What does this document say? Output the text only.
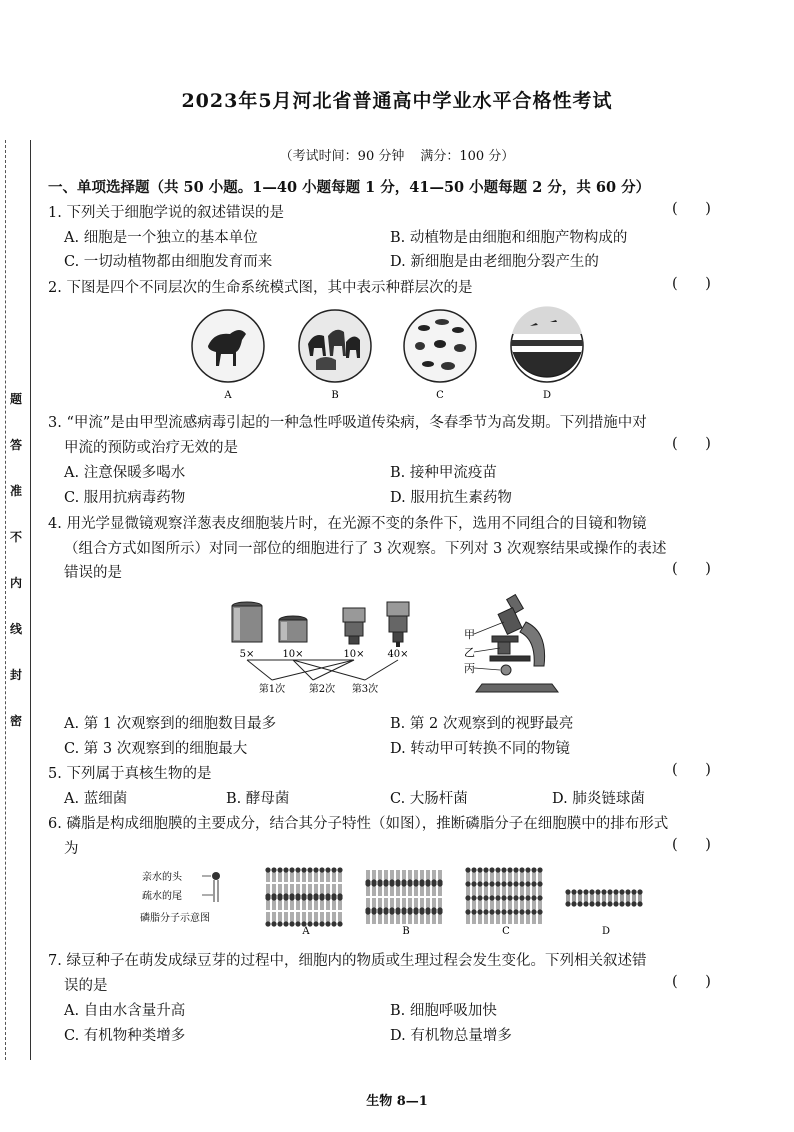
题
答
准
不
内
线
封
密
2023年5月河北省普通高中学业水平合格性考试
（考试时间：90 分钟 满分：100 分）
一、单项选择题（共 50 小题。1—40 小题每题 1 分，41—50 小题每题 2 分，共 60 分）
1. 下列关于细胞学说的叙述错误的是	(      )
A. 细胞是一个独立的基本单位	B. 动植物是由细胞和细胞产物构成的
C. 一切动植物都由细胞发育而来	D. 新细胞是由老细胞分裂产生的
2. 下图是四个不同层次的生命系统模式图，其中表示种群层次的是	(      )
A	B	C	D
3. “甲流”是由甲型流感病毒引起的一种急性呼吸道传染病，冬春季节为高发期。下列措施中对
甲流的预防或治疗无效的是	(      )
A. 注意保暖多喝水	B. 接种甲流疫苗
C. 服用抗病毒药物	D. 服用抗生素药物
4. 用光学显微镜观察洋葱表皮细胞装片时，在光源不变的条件下，选用不同组合的目镜和物镜
（组合方式如图所示）对同一部位的细胞进行了 3 次观察。下列对 3 次观察结果或操作的表述
错误的是	(      )
5×	10×	10× 40×
第1次 第2次 第3次
甲
乙
丙
A. 第 1 次观察到的细胞数目最多	B. 第 2 次观察到的视野最亮
C. 第 3 次观察到的细胞最大	D. 转动甲可转换不同的物镜
5. 下列属于真核生物的是	(      )
A. 蓝细菌	B. 酵母菌	C. 大肠杆菌	D. 肺炎链球菌
6. 磷脂是构成细胞膜的主要成分，结合其分子特性（如图），推断磷脂分子在细胞膜中的排布形式
为	(      )
亲水的头
疏水的尾
磷脂分子示意图
A	B	C	D
7. 绿豆种子在萌发成绿豆芽的过程中，细胞内的物质或生理过程会发生变化。下列相关叙述错
误的是	(      )
A. 自由水含量升高	B. 细胞呼吸加快
C. 有机物种类增多	D. 有机物总量增多
生物 8—1
